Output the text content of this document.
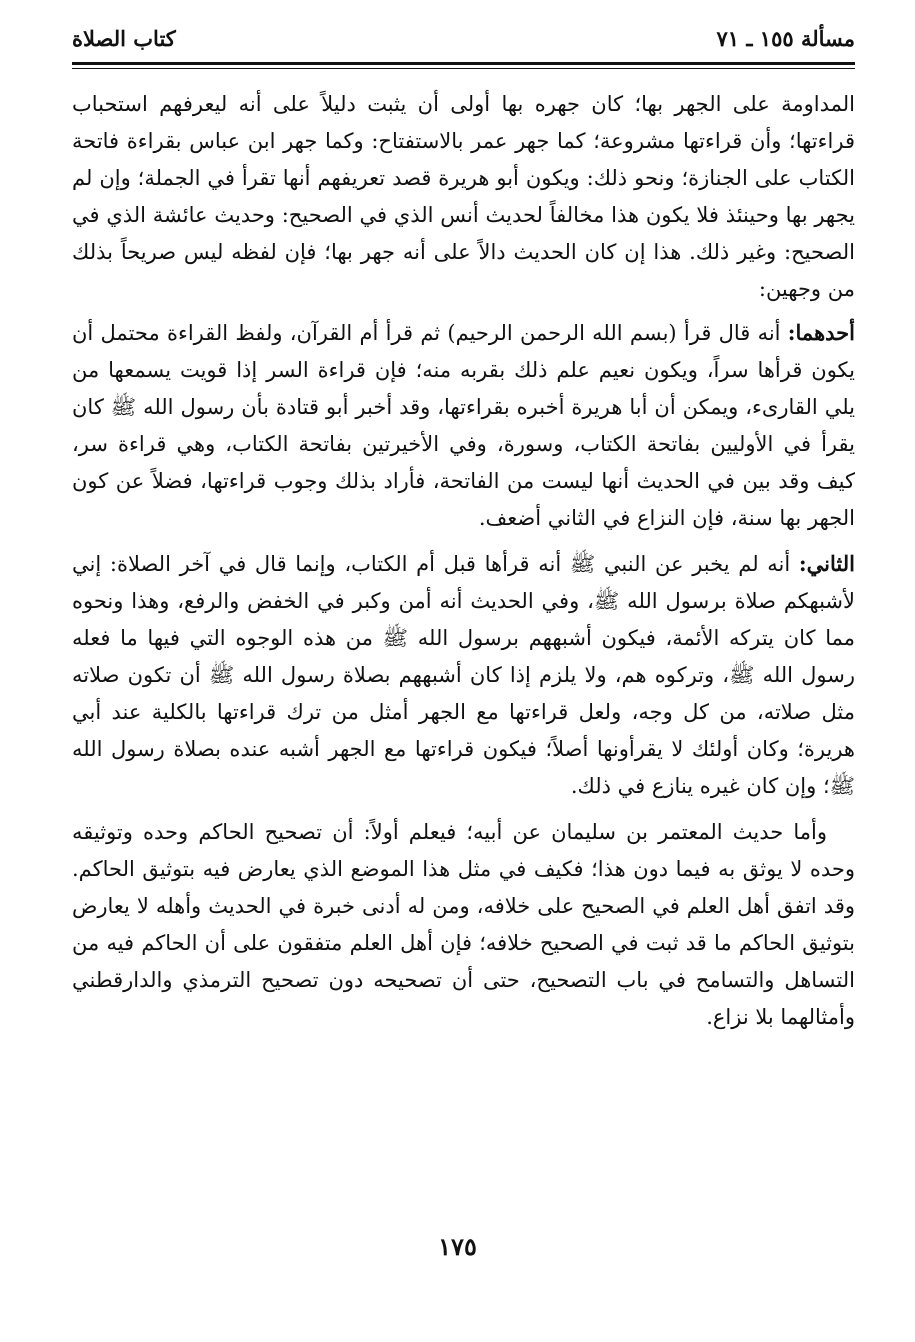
مسألة ١٥٥ ـ ٧١
كتاب الصلاة

المداومة على الجهر بها؛ كان جهره بها أولى أن يثبت دليلاً على أنه ليعرفهم استحباب قراءتها؛ وأن قراءتها مشروعة؛ كما جهر عمر بالاستفتاح: وكما جهر ابن عباس بقراءة فاتحة الكتاب على الجنازة؛ ونحو ذلك: ويكون أبو هريرة قصد تعريفهم أنها تقرأ في الجملة؛ وإن لم يجهر بها وحينئذ فلا يكون هذا مخالفاً لحديث أنس الذي في الصحيح: وحديث عائشة الذي في الصحيح: وغير ذلك. هذا إن كان الحديث دالاً على أنه جهر بها؛ فإن لفظه ليس صريحاً بذلك من وجهين:

أحدهما: أنه قال قرأ (بسم الله الرحمن الرحيم) ثم قرأ أم القرآن، ولفظ القراءة محتمل أن يكون قرأها سراً، ويكون نعيم علم ذلك بقربه منه؛ فإن قراءة السر إذا قويت يسمعها من يلي القارىء، ويمكن أن أبا هريرة أخبره بقراءتها، وقد أخبر أبو قتادة بأن رسول الله ﷺ كان يقرأ في الأوليين بفاتحة الكتاب، وسورة، وفي الأخيرتين بفاتحة الكتاب، وهي قراءة سر، كيف وقد بين في الحديث أنها ليست من الفاتحة، فأراد بذلك وجوب قراءتها، فضلاً عن كون الجهر بها سنة، فإن النزاع في الثاني أضعف.

الثاني: أنه لم يخبر عن النبي ﷺ أنه قرأها قبل أم الكتاب، وإنما قال في آخر الصلاة: إني لأشبهكم صلاة برسول الله ﷺ، وفي الحديث أنه أمن وكبر في الخفض والرفع، وهذا ونحوه مما كان يتركه الأئمة، فيكون أشبههم برسول الله ﷺ من هذه الوجوه التي فيها ما فعله رسول الله ﷺ، وتركوه هم، ولا يلزم إذا كان أشبههم بصلاة رسول الله ﷺ أن تكون صلاته مثل صلاته، من كل وجه، ولعل قراءتها مع الجهر أمثل من ترك قراءتها بالكلية عند أبي هريرة؛ وكان أولئك لا يقرأونها أصلاً؛ فيكون قراءتها مع الجهر أشبه عنده بصلاة رسول الله ﷺ؛ وإن كان غيره ينازع في ذلك.

وأما حديث المعتمر بن سليمان عن أبيه؛ فيعلم أولاً: أن تصحيح الحاكم وحده وتوثيقه وحده لا يوثق به فيما دون هذا؛ فكيف في مثل هذا الموضع الذي يعارض فيه بتوثيق الحاكم. وقد اتفق أهل العلم في الصحيح على خلافه، ومن له أدنى خبرة في الحديث وأهله لا يعارض بتوثيق الحاكم ما قد ثبت في الصحيح خلافه؛ فإن أهل العلم متفقون على أن الحاكم فيه من التساهل والتسامح في باب التصحيح، حتى أن تصحيحه دون تصحيح الترمذي والدارقطني وأمثالهما بلا نزاع.

١٧٥
